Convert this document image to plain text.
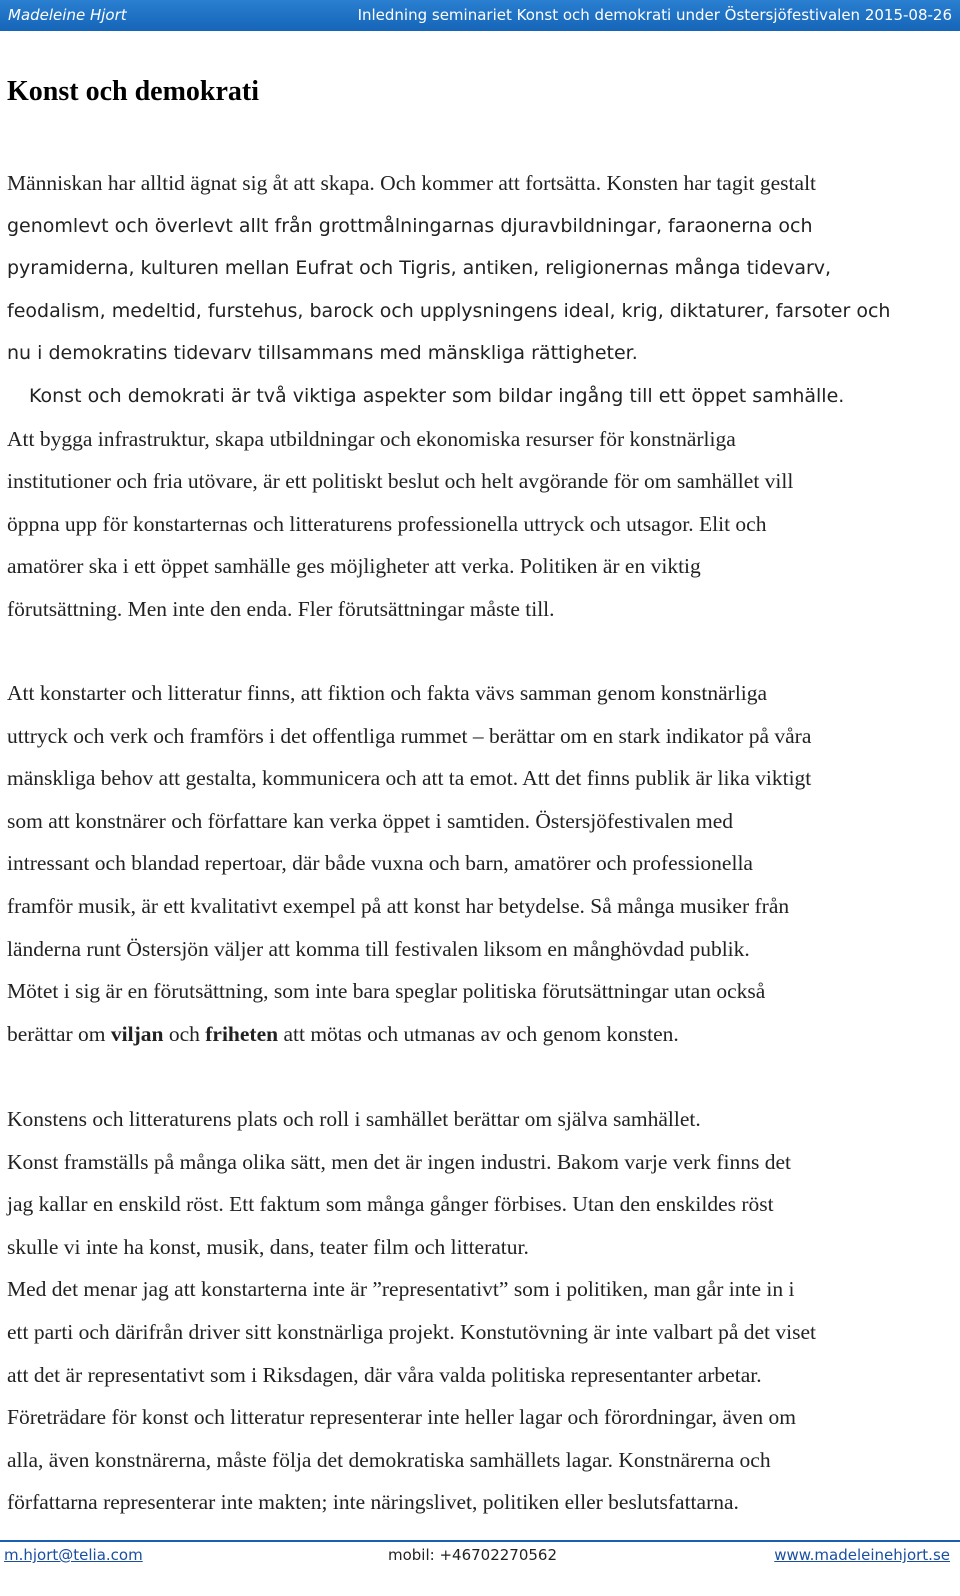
Madeleine Hjort	Inledning seminariet Konst och demokrati under Östersjöfestivalen 2015-08-26
Konst och demokrati
Människan har alltid ägnat sig åt att skapa. Och kommer att fortsätta. Konsten har tagit gestalt
genomlevt och överlevt allt från grottmålningarnas djuravbildningar, faraonerna och
pyramiderna, kulturen mellan Eufrat och Tigris, antiken, religionernas många tidevarv,
feodalism, medeltid, furstehus, barock och upplysningens ideal, krig, diktaturer, farsoter och
nu i demokratins tidevarv tillsammans med mänskliga rättigheter.
Konst och demokrati är två viktiga aspekter som bildar ingång till ett öppet samhälle.
Att bygga infrastruktur, skapa utbildningar och ekonomiska resurser för konstnärliga
institutioner och fria utövare, är ett politiskt beslut och helt avgörande för om samhället vill
öppna upp för konstarternas och litteraturens professionella uttryck och utsagor. Elit och
amatörer ska i ett öppet samhälle ges möjligheter att verka. Politiken är en viktig
förutsättning. Men inte den enda. Fler förutsättningar måste till.
Att konstarter och litteratur finns, att fiktion och fakta vävs samman genom konstnärliga
uttryck och verk och framförs i det offentliga rummet – berättar om en stark indikator på våra
mänskliga behov att gestalta, kommunicera och att ta emot. Att det finns publik är lika viktigt
som att konstnärer och författare kan verka öppet i samtiden. Östersjöfestivalen med
intressant och blandad repertoar, där både vuxna och barn, amatörer och professionella
framför musik, är ett kvalitativt exempel på att konst har betydelse. Så många musiker från
länderna runt Östersjön väljer att komma till festivalen liksom en månghövdad publik.
Mötet i sig är en förutsättning, som inte bara speglar politiska förutsättningar utan också
berättar om viljan och friheten att mötas och utmanas av och genom konsten.
Konstens och litteraturens plats och roll i samhället berättar om själva samhället.
Konst framställs på många olika sätt, men det är ingen industri. Bakom varje verk finns det
jag kallar en enskild röst. Ett faktum som många gånger förbises. Utan den enskildes röst
skulle vi inte ha konst, musik, dans, teater film och litteratur.
Med det menar jag att konstarterna inte är ”representativt” som i politiken, man går inte in i
ett parti och därifrån driver sitt konstnärliga projekt. Konstutövning är inte valbart på det viset
att det är representativt som i Riksdagen, där våra valda politiska representanter arbetar.
Företrädare för konst och litteratur representerar inte heller lagar och förordningar, även om
alla, även konstnärerna, måste följa det demokratiska samhällets lagar. Konstnärerna och
författarna representerar inte makten; inte näringslivet, politiken eller beslutsfattarna.
m.hjort@telia.com	mobil: +46702270562	www.madeleinehjort.se
